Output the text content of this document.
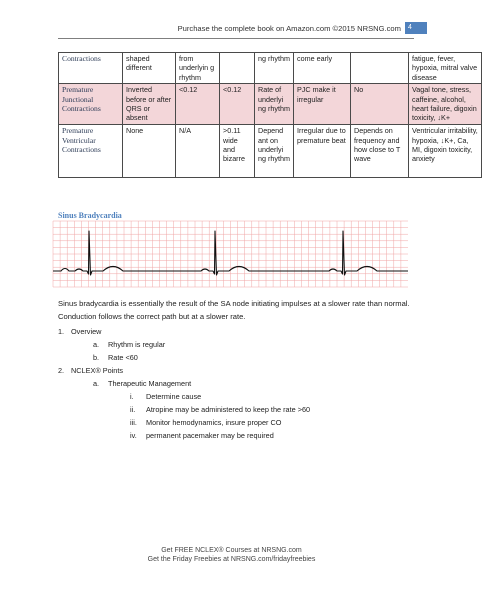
Purchase the complete book on Amazon.com ©2015 NRSNG.com	4
Contractions	shaped different	from underlyin g rhythm		ng rhythm	come early		fatigue, fever, hypoxia, mitral valve disease
Premature Junctional Contractions	Inverted before or after QRS or absent	<0.12	<0.12	Rate of underlyi ng rhythm	PJC make it irregular	No	Vagal tone, stress, caffeine, alcohol, heart failure, digoxin toxicity, ↓K+
Premature Ventricular Contractions	None	N/A	>0.11 wide and bizarre	Depend ant on underlyi ng rhythm	Irregular due to premature beat	Depends on frequency and how close to T wave	Ventricular irritability, hypoxia, ↓K+, Ca, MI, digoxin toxicity, anxiety
Sinus Bradycardia
Sinus bradycardia is essentially the result of the SA node initiating impulses at a slower rate than normal. Conduction follows the correct path but at a slower rate.
1. Overview
a. Rhythm is regular
b. Rate <60
2. NCLEX® Points
a. Therapeutic Management
i. Determine cause
ii. Atropine may be administered to keep the rate >60
iii. Monitor hemodynamics, insure proper CO
iv. permanent pacemaker may be required
Get FREE NCLEX® Courses at NRSNG.com
Get the Friday Freebies at NRSNG.com/fridayfreebies
